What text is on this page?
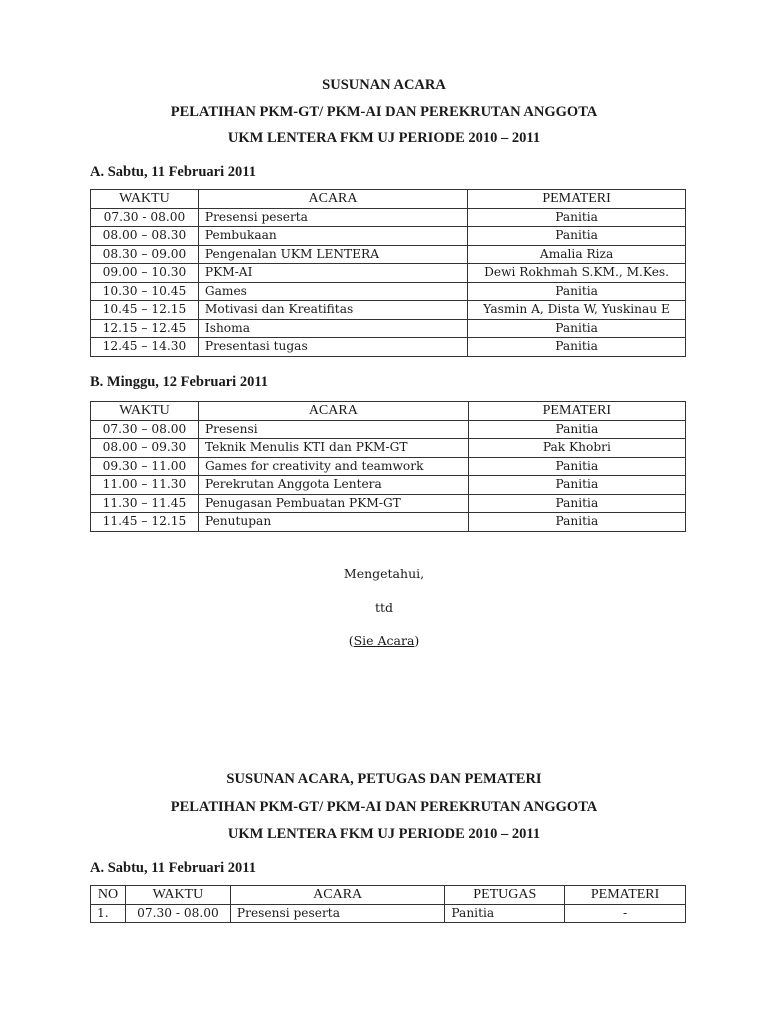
SUSUNAN ACARA
PELATIHAN PKM-GT/ PKM-AI DAN PEREKRUTAN ANGGOTA
UKM LENTERA FKM UJ PERIODE 2010 – 2011
A. Sabtu, 11 Februari 2011
WAKTU	ACARA	PEMATERI
07.30 - 08.00	Presensi peserta	Panitia
08.00 – 08.30	Pembukaan	Panitia
08.30 – 09.00	Pengenalan UKM LENTERA	Amalia Riza
09.00 – 10.30	PKM-AI	Dewi Rokhmah S.KM., M.Kes.
10.30 – 10.45	Games	Panitia
10.45 – 12.15	Motivasi dan Kreatifitas	Yasmin A, Dista W, Yuskinau E
12.15 – 12.45	Ishoma	Panitia
12.45 – 14.30	Presentasi tugas	Panitia
B. Minggu, 12 Februari 2011
WAKTU	ACARA	PEMATERI
07.30 – 08.00	Presensi	Panitia
08.00 – 09.30	Teknik Menulis KTI dan PKM-GT	Pak Khobri
09.30 – 11.00	Games for creativity and teamwork	Panitia
11.00 – 11.30	Perekrutan Anggota Lentera	Panitia
11.30 – 11.45	Penugasan Pembuatan PKM-GT	Panitia
11.45 – 12.15	Penutupan	Panitia
Mengetahui,
ttd
(Sie Acara)
SUSUNAN ACARA, PETUGAS DAN PEMATERI
PELATIHAN PKM-GT/ PKM-AI DAN PEREKRUTAN ANGGOTA
UKM LENTERA FKM UJ PERIODE 2010 – 2011
A. Sabtu, 11 Februari 2011
NO	WAKTU	ACARA	PETUGAS	PEMATERI
1.	07.30 - 08.00	Presensi peserta	Panitia	-
